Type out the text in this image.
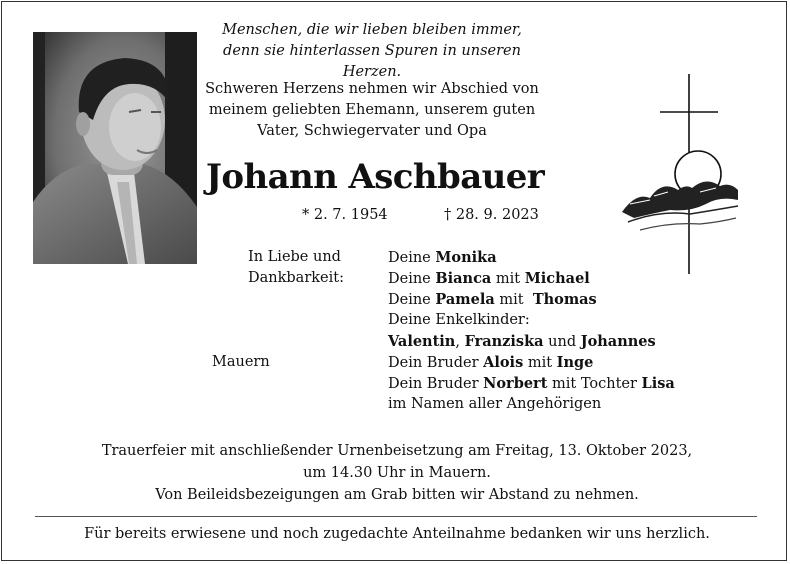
Menschen, die wir lieben bleiben immer,
denn sie hinterlassen Spuren in unseren Herzen.
Schweren Herzens nehmen wir Abschied von
meinem geliebten Ehemann, unserem guten
Vater, Schwiegervater und Opa
Johann Aschbauer
* 2. 7. 1954	† 28. 9. 2023
In Liebe und
Dankbarkeit:
Mauern
Deine Monika
Deine Bianca mit Michael
Deine Pamela mit  Thomas
Deine Enkelkinder:
Valentin, Franziska und Johannes
Dein Bruder Alois mit Inge
Dein Bruder Norbert mit Tochter Lisa
im Namen aller Angehörigen
Trauerfeier mit anschließender Urnenbeisetzung am Freitag, 13. Oktober 2023,
um 14.30 Uhr in Mauern.
Von Beileidsbezeigungen am Grab bitten wir Abstand zu nehmen.
Für bereits erwiesene und noch zugedachte Anteilnahme bedanken wir uns herzlich.
